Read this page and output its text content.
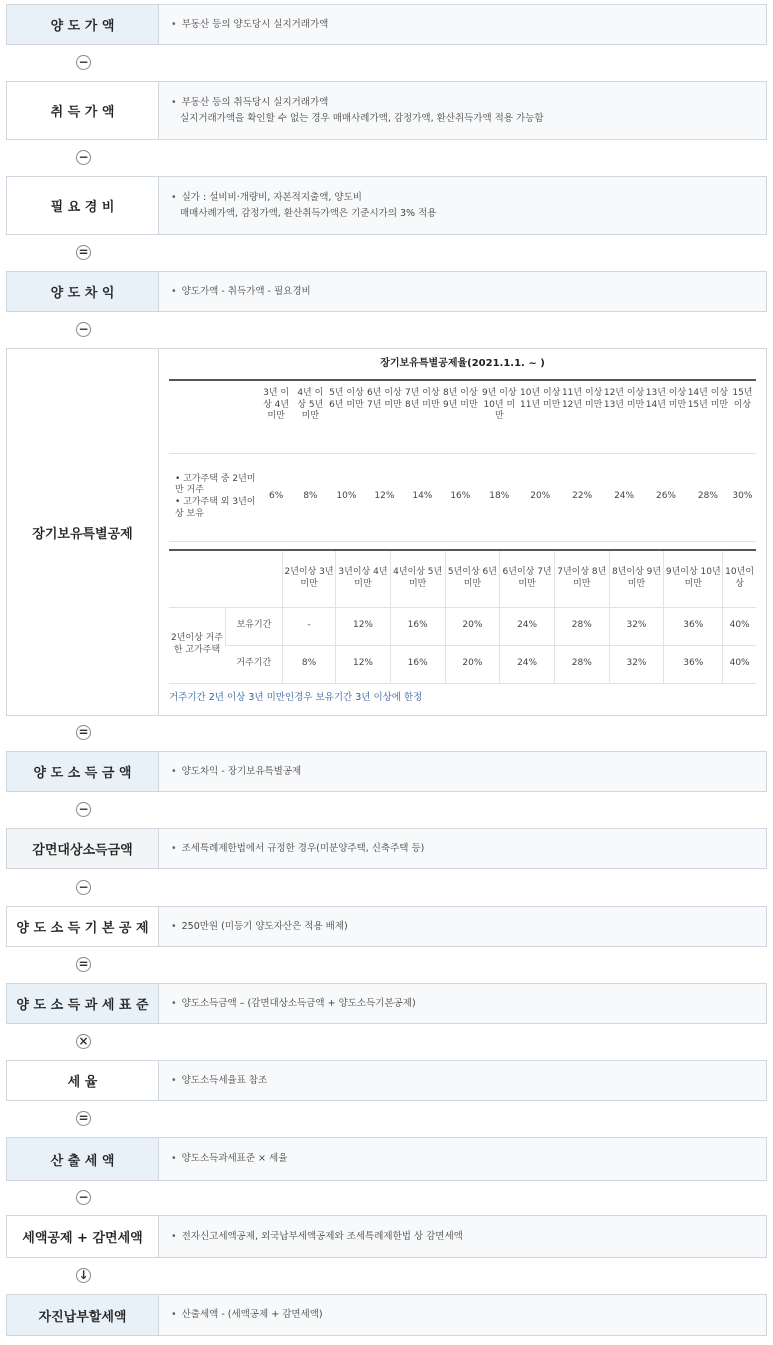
양 도 가 액	• 부동산 등의 양도당시 실지거래가액
−
취 득 가 액
• 부동산 등의 취득당시 실지거래가액
실지거래가액을 확인할 수 없는 경우 매매사례가액, 감정가액, 환산취득가액 적용 가능함
−
필 요 경 비
• 실가 : 설비비·개량비, 자본적지출액, 양도비
매매사례가액, 감정가액, 환산취득가액은 기준시가의 3% 적용
=
양 도 차 익	• 양도가액 - 취득가액 - 필요경비
−
장기보유특별공제
장기보유특별공제율(2021.1.1. ~ )
	3년 이상 4년 미만	4년 이상 5년 미만	5년 이상 6년 미만	6년 이상 7년 미만	7년 이상 8년 미만	8년 이상 9년 미만	9년 이상 10년 미만	10년 이상 11년 미만	11년 이상 12년 미만	12년 이상 13년 미만	13년 이상 14년 미만	14년 이상 15년 미만	15년 이상

• 고가주택 중 2년미만 거주
• 고가주택 외 3년이상 보유	6%	8%	10%	12%	14%	16%	18%	20%	22%	24%	26%	28%	30%
		2년이상 3년미만	3년이상 4년미만	4년이상 5년미만	5년이상 6년미만	6년이상 7년미만	7년이상 8년미만	8년이상 9년미만	9년이상 10년미만	10년이상
2년이상 거주한 고가주택	보유기간	-	12%	16%	20%	24%	28%	32%	36%	40%
	거주기간	8%	12%	16%	20%	24%	28%	32%	36%	40%
거주기간 2년 이상 3년 미만인경우 보유기간 3년 이상에 한정
=
양 도 소 득 금 액	• 양도차익 - 장기보유특별공제
−
감면대상소득금액	• 조세특례제한법에서 규정한 경우(미분양주택, 신축주택 등)
−
양 도 소 득 기 본 공 제	• 250만원 (미등기 양도자산은 적용 배제)
=
양 도 소 득 과 세 표 준	• 양도소득금액 – (감면대상소득금액 + 양도소득기본공제)
×
세 율	• 양도소득세율표 참조
=
산 출 세 액	• 양도소득과세표준 × 세율
−
세액공제 + 감면세액	• 전자신고세액공제, 외국납부세액공제와 조세특례제한법 상 감면세액
↓
자진납부할세액	• 산출세액 - (세액공제 + 감면세액)
